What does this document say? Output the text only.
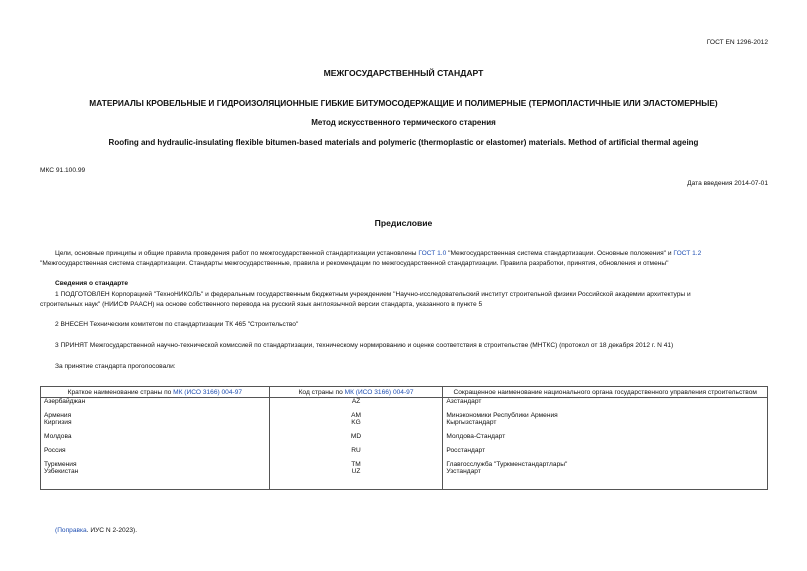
ГОСТ EN 1296-2012
МЕЖГОСУДАРСТВЕННЫЙ СТАНДАРТ
МАТЕРИАЛЫ КРОВЕЛЬНЫЕ И ГИДРОИЗОЛЯЦИОННЫЕ ГИБКИЕ БИТУМОСОДЕРЖАЩИЕ И ПОЛИМЕРНЫЕ (ТЕРМОПЛАСТИЧНЫЕ ИЛИ ЭЛАСТОМЕРНЫЕ)
Метод искусственного термического старения
Roofing and hydraulic-insulating flexible bitumen-based materials and polymeric (thermoplastic or elastomer) materials. Method of artificial thermal ageing
МКС 91.100.99
Дата введения 2014-07-01
Предисловие
Цели, основные принципы и общие правила проведения работ по межгосударственной стандартизации установлены ГОСТ 1.0 "Межгосударственная система стандартизации. Основные положения" и ГОСТ 1.2
"Межгосударственная система стандартизации. Стандарты межгосударственные, правила и рекомендации по межгосударственной стандартизации. Правила разработки, принятия, обновления и отмены"
Сведения о стандарте
1 ПОДГОТОВЛЕН Корпорацией "ТехноНИКОЛЬ" и федеральным государственным бюджетным учреждением "Научно-исследовательский институт строительной физики Российской академии архитектуры и
строительных наук" (НИИСФ РААСН) на основе собственного перевода на русский язык англоязычной версии стандарта, указанного в пункте 5
2 ВНЕСЕН Техническим комитетом по стандартизации ТК 465 "Строительство"
3 ПРИНЯТ Межгосударственной научно-технической комиссией по стандартизации, техническому нормированию и оценке соответствия в строительстве (МНТКС) (протокол от 18 декабря 2012 г. N 41)
За принятие стандарта проголосовали:
Краткое наименование страны по МК (ИСО 3166) 004-97	Код страны по МК (ИСО 3166) 004-97	Сокращенное наименование национального органа государственного управления строительством
Азербайджан	AZ	Азстандарт

Армения	AM	Минэкономики Республики Армения
Киргизия	KG	Кыргызстандарт

Молдова	MD	Молдова-Стандарт

Россия	RU	Росстандарт

Туркмения	TM	Главгосслужба "Туркменстандартлары"
Узбекистан	UZ	Узстандарт

(Поправка. ИУС N 2-2023).
